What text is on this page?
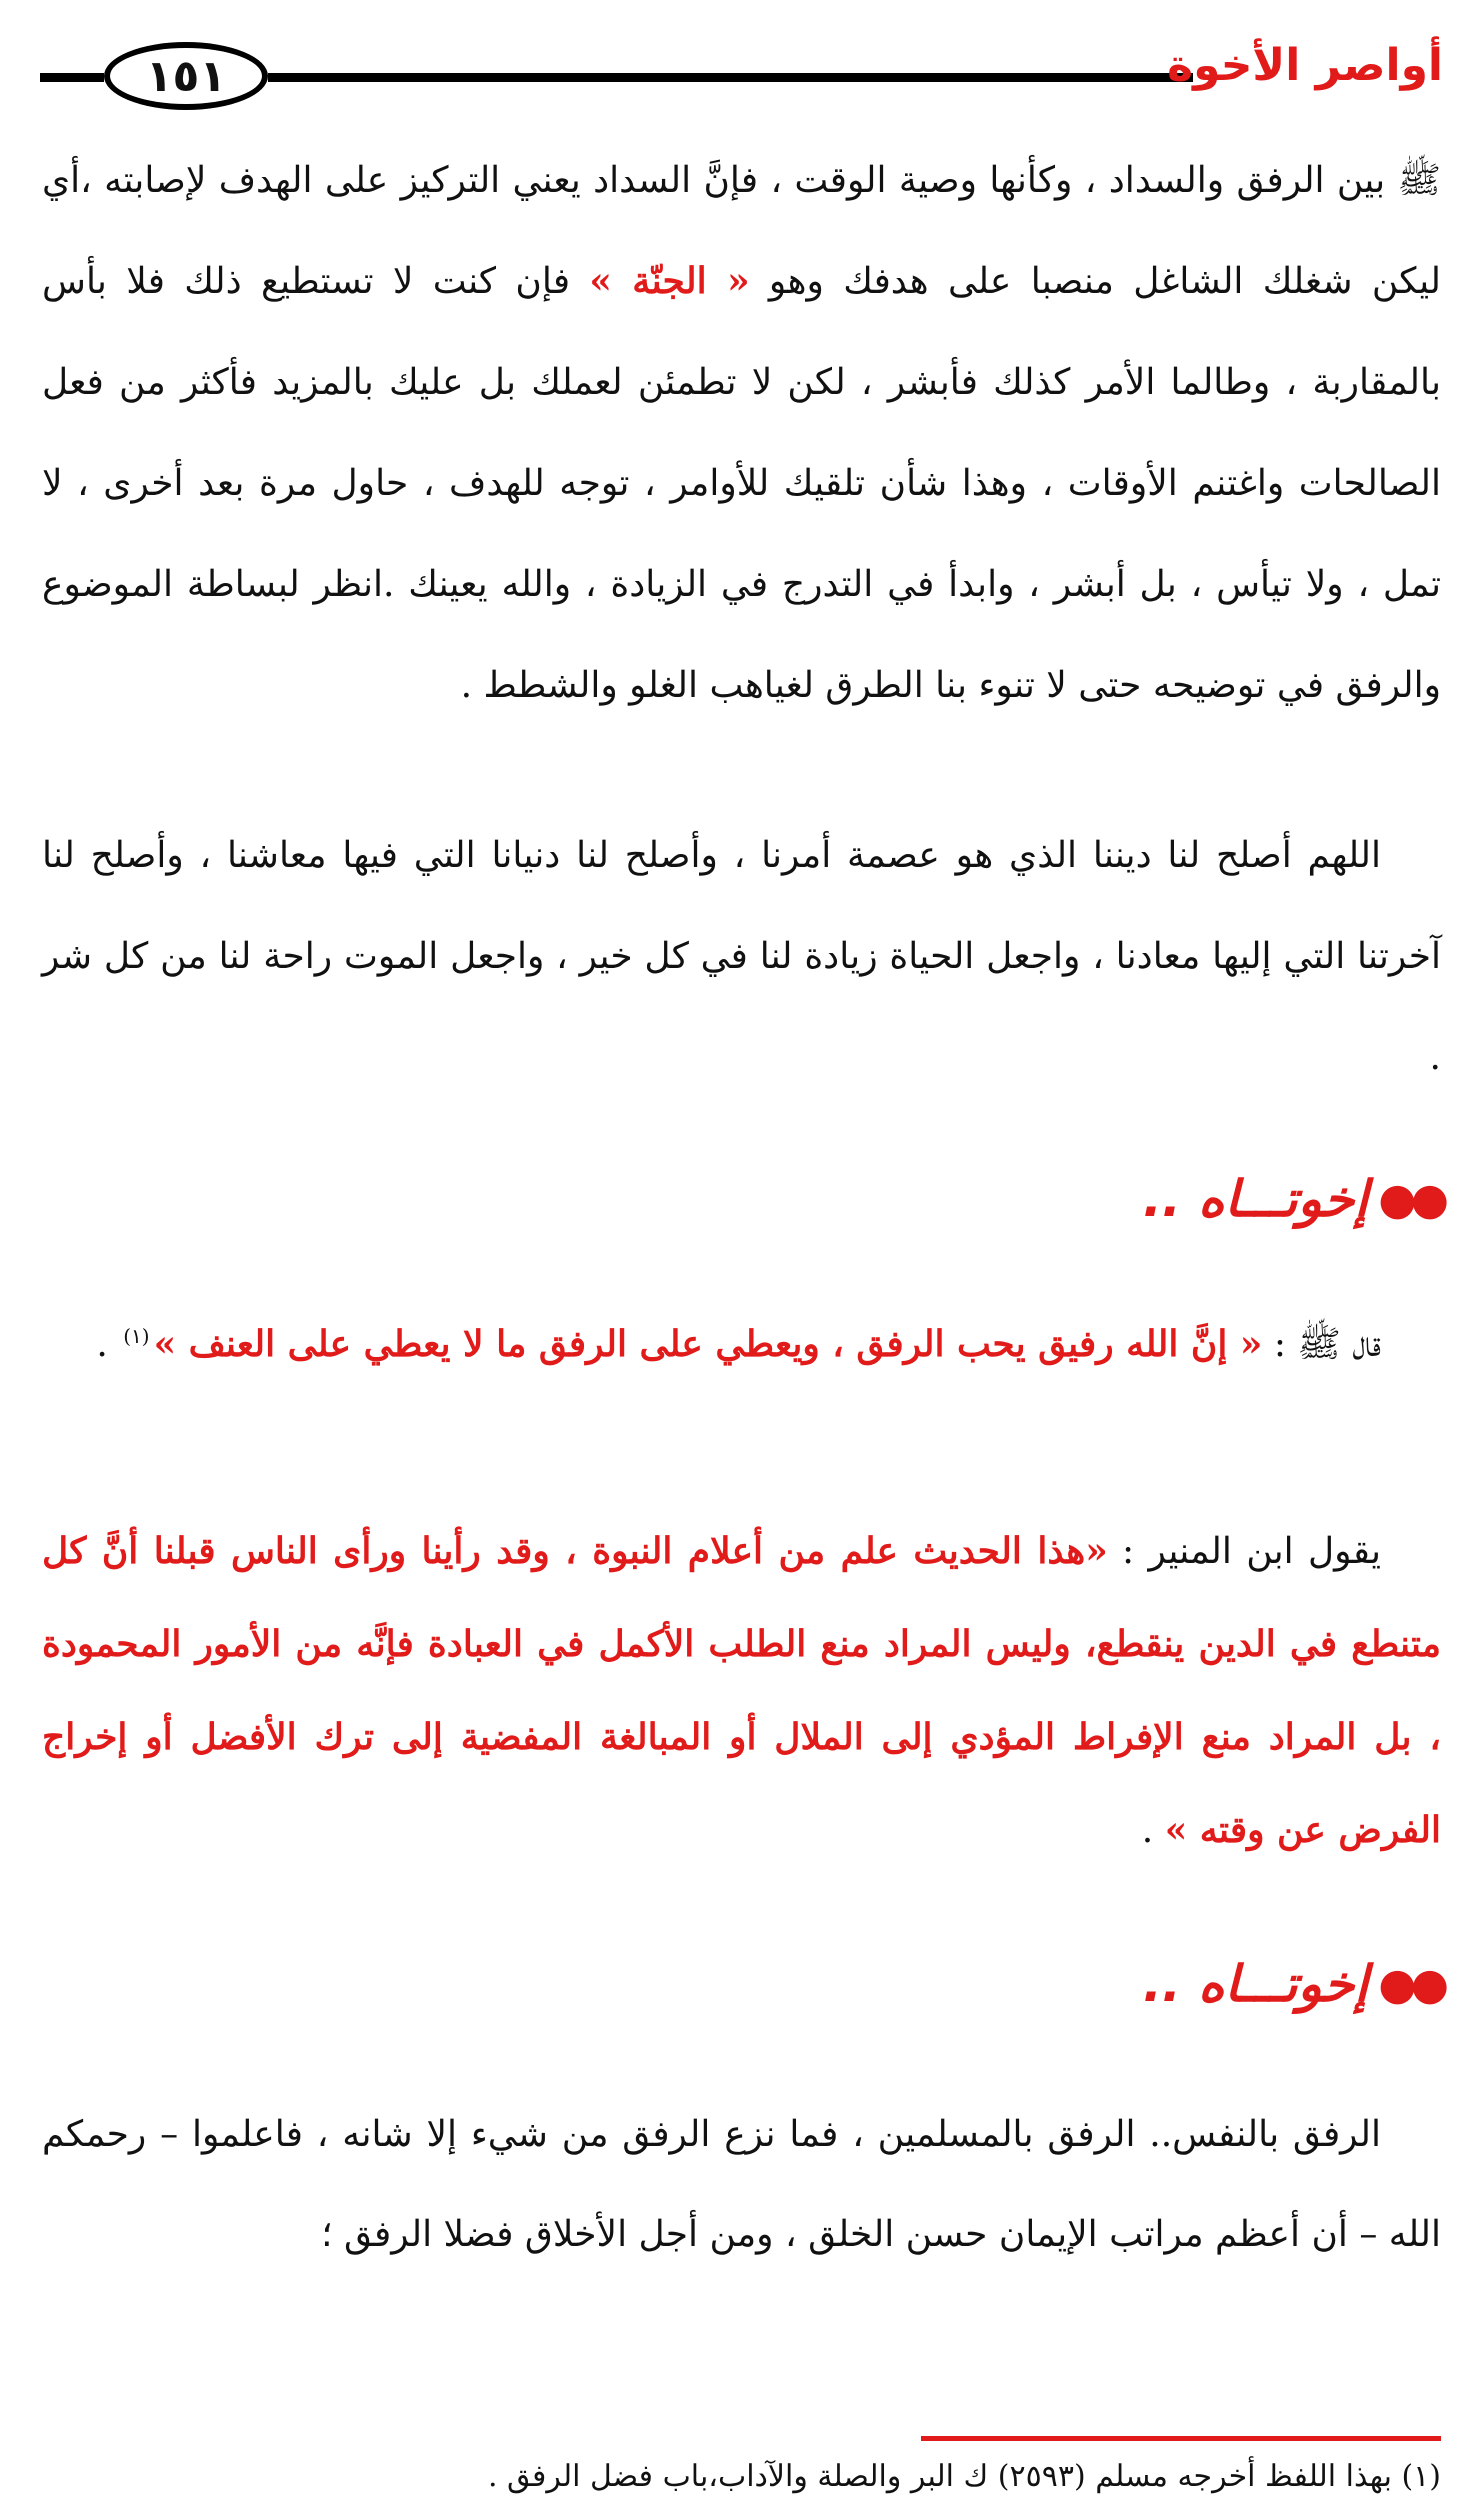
١٥١	أواصر الأخوة

ﷺ بين الرفق والسداد ، وكأنها وصية الوقت ، فإنَّ السداد يعني التركيز على الهدف لإصابته ،أي ليكن شغلك الشاغل منصبا على هدفك وهو « الجنّة » فإن كنت لا تستطيع ذلك فلا بأس بالمقاربة ، وطالما الأمر كذلك فأبشر ، لكن لا تطمئن لعملك بل عليك بالمزيد فأكثر من فعل الصالحات واغتنم الأوقات ، وهذا شأن تلقيك للأوامر ، توجه للهدف ، حاول مرة بعد أخرى ، لا تمل ، ولا تيأس ، بل أبشر ، وابدأ في التدرج في الزيادة ، والله يعينك .انظر لبساطة الموضوع والرفق في توضيحه حتى لا تنوء بنا الطرق لغياهب الغلو والشطط .

اللهم أصلح لنا ديننا الذي هو عصمة أمرنا ، وأصلح لنا دنيانا التي فيها معاشنا ، وأصلح لنا آخرتنا التي إليها معادنا ، واجعل الحياة زيادة لنا في كل خير ، واجعل الموت راحة لنا من كل شر .

●●
إخوتـــاه ..

قال ﷺ : « إنَّ الله رفيق يحب الرفق ، ويعطي على الرفق ما لا يعطي على العنف »$^{(١)}$ .

يقول ابن المنير : «هذا الحديث علم من أعلام النبوة ، وقد رأينا ورأى الناس قبلنا أنَّ كل متنطع في الدين ينقطع، وليس المراد منع الطلب الأكمل في العبادة فإنَّه من الأمور المحمودة ، بل المراد منع الإفراط المؤدي إلى الملال أو المبالغة المفضية إلى ترك الأفضل أو إخراج الفرض عن وقته » .

●●
إخوتـــاه ..

الرفق بالنفس.. الرفق بالمسلمين ، فما نزع الرفق من شيء إلا شانه ، فاعلموا – رحمكم الله – أن أعظم مراتب الإيمان حسن الخلق ، ومن أجل الأخلاق فضلا الرفق ؛

(١) بهذا اللفظ أخرجه مسلم (٢٥٩٣) ك البر والصلة والآداب،باب فضل الرفق .
